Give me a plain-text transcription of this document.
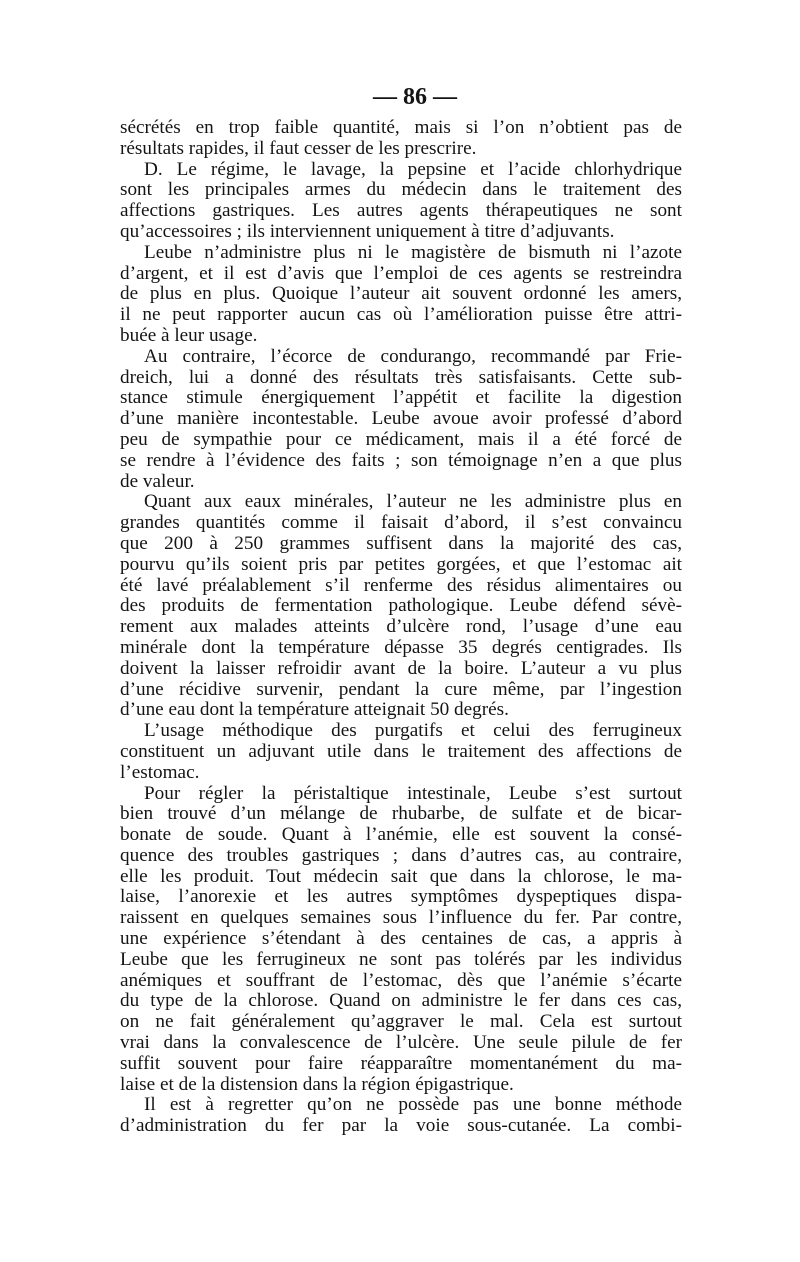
— 86 —
sécrétés en trop faible quantité, mais si l’on n’obtient pas de
résultats rapides, il faut cesser de les prescrire.
D. Le régime, le lavage, la pepsine et l’acide chlorhydrique
sont les principales armes du médecin dans le traitement des
affections gastriques. Les autres agents thérapeutiques ne sont
qu’accessoires ; ils interviennent uniquement à titre d’adjuvants.
Leube n’administre plus ni le magistère de bismuth ni l’azote
d’argent, et il est d’avis que l’emploi de ces agents se restreindra
de plus en plus. Quoique l’auteur ait souvent ordonné les amers,
il ne peut rapporter aucun cas où l’amélioration puisse être attri-
buée à leur usage.
Au contraire, l’écorce de condurango, recommandé par Frie-
dreich, lui a donné des résultats très satisfaisants. Cette sub-
stance stimule énergiquement l’appétit et facilite la digestion
d’une manière incontestable. Leube avoue avoir professé d’abord
peu de sympathie pour ce médicament, mais il a été forcé de
se rendre à l’évidence des faits ; son témoignage n’en a que plus
de valeur.
Quant aux eaux minérales, l’auteur ne les administre plus en
grandes quantités comme il faisait d’abord, il s’est convaincu
que 200 à 250 grammes suffisent dans la majorité des cas,
pourvu qu’ils soient pris par petites gorgées, et que l’estomac ait
été lavé préalablement s’il renferme des résidus alimentaires ou
des produits de fermentation pathologique. Leube défend sévè-
rement aux malades atteints d’ulcère rond, l’usage d’une eau
minérale dont la température dépasse 35 degrés centigrades. Ils
doivent la laisser refroidir avant de la boire. L’auteur a vu plus
d’une récidive survenir, pendant la cure même, par l’ingestion
d’une eau dont la température atteignait 50 degrés.
L’usage méthodique des purgatifs et celui des ferrugineux
constituent un adjuvant utile dans le traitement des affections de
l’estomac.
Pour régler la péristaltique intestinale, Leube s’est surtout
bien trouvé d’un mélange de rhubarbe, de sulfate et de bicar-
bonate de soude. Quant à l’anémie, elle est souvent la consé-
quence des troubles gastriques ; dans d’autres cas, au contraire,
elle les produit. Tout médecin sait que dans la chlorose, le ma-
laise, l’anorexie et les autres symptômes dyspeptiques dispa-
raissent en quelques semaines sous l’influence du fer. Par contre,
une expérience s’étendant à des centaines de cas, a appris à
Leube que les ferrugineux ne sont pas tolérés par les individus
anémiques et souffrant de l’estomac, dès que l’anémie s’écarte
du type de la chlorose. Quand on administre le fer dans ces cas,
on ne fait généralement qu’aggraver le mal. Cela est surtout
vrai dans la convalescence de l’ulcère. Une seule pilule de fer
suffit souvent pour faire réapparaître momentanément du ma-
laise et de la distension dans la région épigastrique.
Il est à regretter qu’on ne possède pas une bonne méthode
d’administration du fer par la voie sous-cutanée. La combi-
